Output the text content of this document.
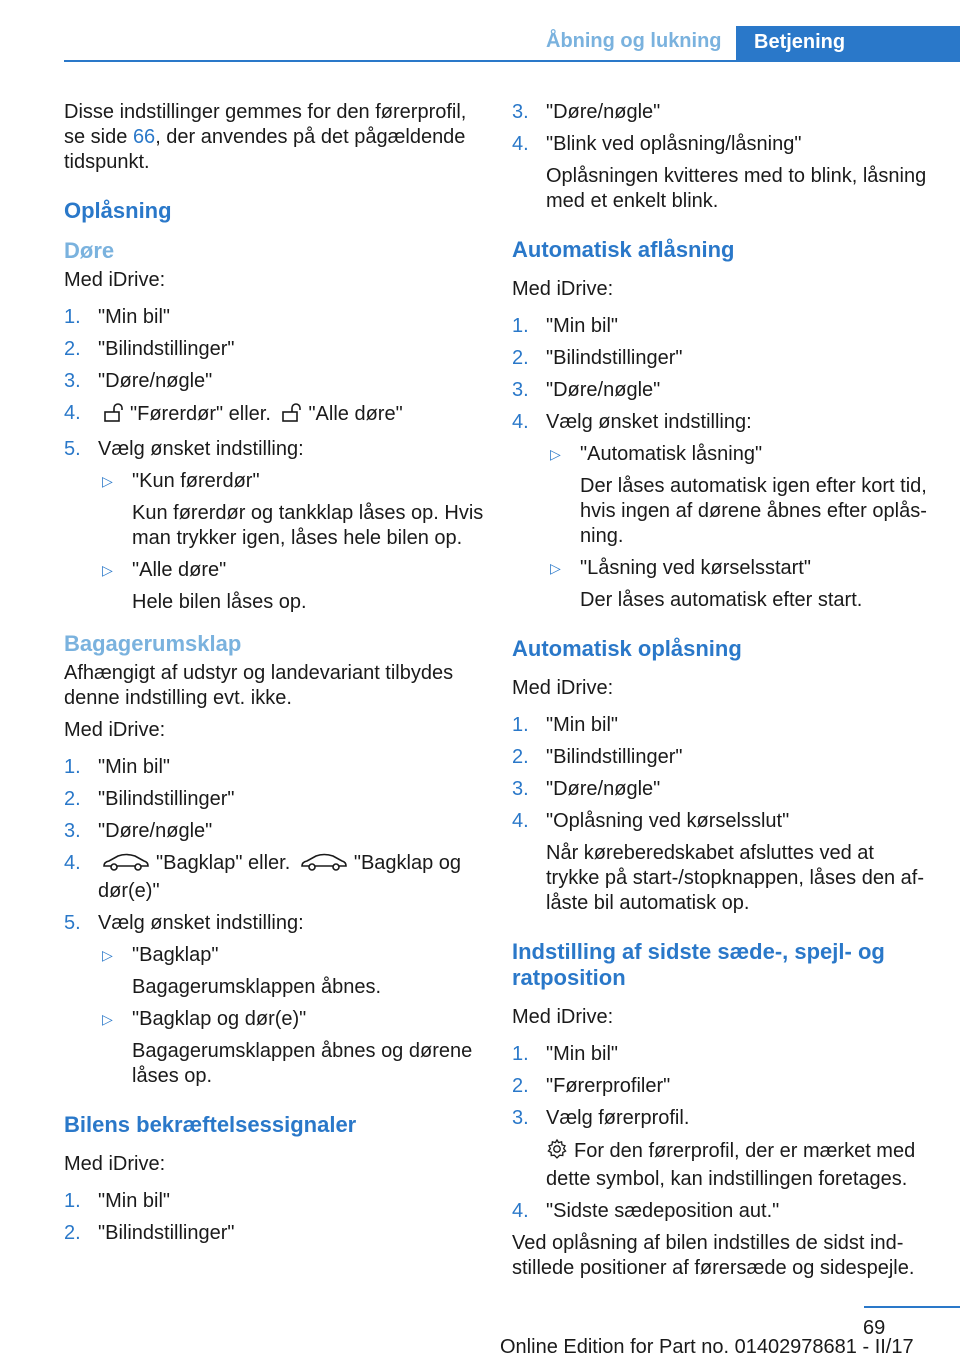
Åbning og lukning	Betjening

Disse indstillinger gemmes for den førerprofil, se side 66, der anvendes på det pågældende tidspunkt.

Oplåsning
Døre

Med iDrive:

1. "Min bil"
2. "Bilindstillinger"
3. "Døre/nøgle"
4. "Førerdør" eller. "Alle døre"
5. Vælg ønsket indstilling:
▷ "Kun førerdør"
Kun førerdør og tankklap låses op. Hvis man trykker igen, låses hele bilen op.
▷ "Alle døre"
Hele bilen låses op.
Bagagerumsklap

Afhængigt af udstyr og landevariant tilbydes denne indstilling evt. ikke.

Med iDrive:

1. "Min bil"
2. "Bilindstillinger"
3. "Døre/nøgle"
4.	"Bagklap" eller.	"Bagklap og dør(e)"
5. Vælg ønsket indstilling:
▷ "Bagklap"
Bagagerumsklappen åbnes.
▷ "Bagklap og dør(e)"
Bagagerumsklappen åbnes og dørene låses op.
Bilens bekræftelsessignaler

Med iDrive:

1. "Min bil"
2. "Bilindstillinger"
3. "Døre/nøgle"
4. "Blink ved oplåsning/låsning"
Oplåsningen kvitteres med to blink, låsning med et enkelt blink.
Automatisk aflåsning

Med iDrive:

1. "Min bil"
2. "Bilindstillinger"
3. "Døre/nøgle"
4. Vælg ønsket indstilling:
▷ "Automatisk låsning"
Der låses automatisk igen efter kort tid, hvis ingen af dørene åbnes efter oplåsning.
▷ "Låsning ved kørselsstart"
Der låses automatisk efter start.
Automatisk oplåsning

Med iDrive:

1. "Min bil"
2. "Bilindstillinger"
3. "Døre/nøgle"
4. "Oplåsning ved kørselsslut"
Når køreberedskabet afsluttes ved at trykke på start-/stopknappen, låses den aflåste bil automatisk op.
Indstilling af sidste sæde-, spejl- og ratposition

Med iDrive:

1. "Min bil"
2. "Førerprofiler"
3. Vælg førerprofil.
For den førerprofil, der er mærket med dette symbol, kan indstillingen foretages.
4. "Sidste sædeposition aut."

Ved oplåsning af bilen indstilles de sidst indstillede positioner af førersæde og sidespejle.

69
Online Edition for Part no. 01402978681 - II/17
